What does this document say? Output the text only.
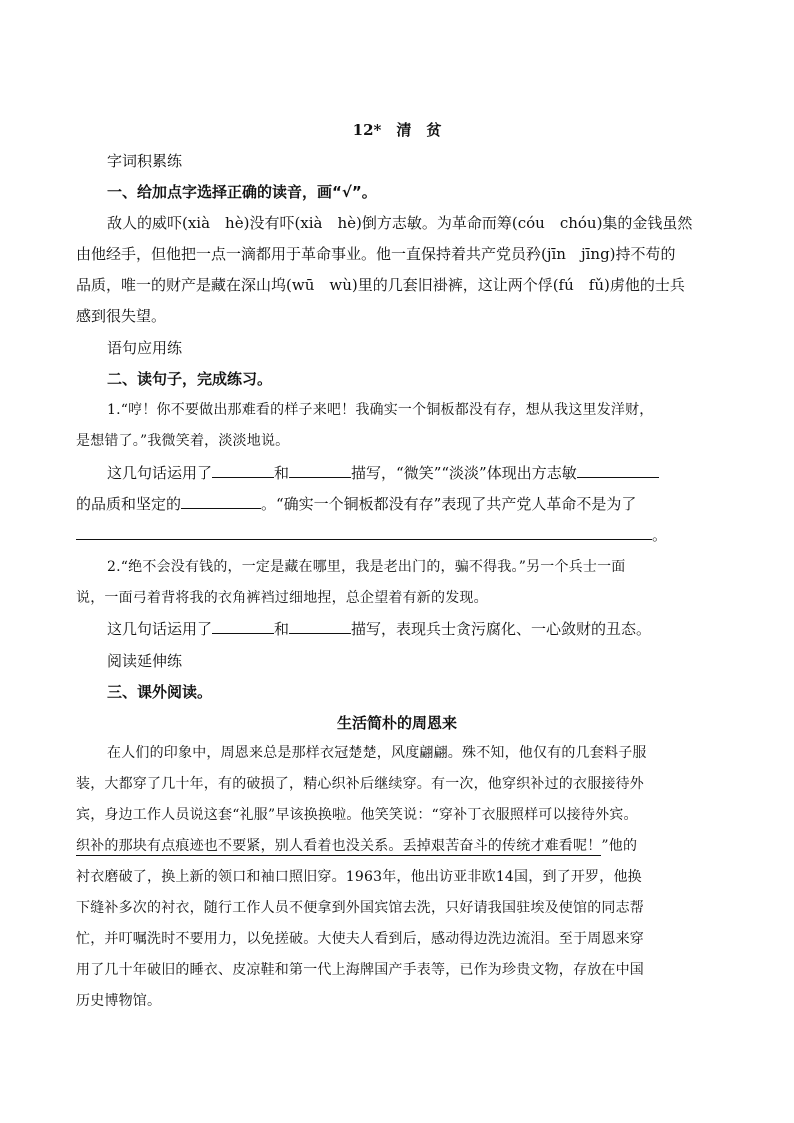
12*　清　贫
字词积累练
一、给加点字选择正确的读音，画“√”。
敌人的威吓(xià　hè)没有吓(xià　hè)倒方志敏。为革命而筹(cóu　chóu)集的金钱虽然
由他经手，但他把一点一滴都用于革命事业。他一直保持着共产党员矜(jīn　jīng)持不苟的
品质，唯一的财产是藏在深山坞(wū　wù)里的几套旧褂裤，这让两个俘(fú　fǔ)虏他的士兵
感到很失望。
语句应用练
二、读句子，完成练习。
1.“哼！你不要做出那难看的样子来吧！我确实一个铜板都没有存，想从我这里发洋财，
是想错了。”我微笑着，淡淡地说。
这几句话运用了	和	描写，“微笑”“淡淡”体现出方志敏
的品质和坚定的	。“确实一个铜板都没有存”表现了共产党人革命不是为了
。
2.“绝不会没有钱的，一定是藏在哪里，我是老出门的，骗不得我。”另一个兵士一面
说，一面弓着背将我的衣角裤裆过细地捏，总企望着有新的发现。
这几句话运用了	和	描写，表现兵士贪污腐化、一心敛财的丑态。
阅读延伸练
三、课外阅读。
生活简朴的周恩来
在人们的印象中，周恩来总是那样衣冠楚楚，风度翩翩。殊不知，他仅有的几套料子服
装，大都穿了几十年，有的破损了，精心织补后继续穿。有一次，他穿织补过的衣服接待外
宾，身边工作人员说这套“礼服”早该换换啦。他笑笑说：“穿补丁衣服照样可以接待外宾。
织补的那块有点痕迹也不要紧，别人看着也没关系。丢掉艰苦奋斗的传统才难看呢！”他的
衬衣磨破了，换上新的领口和袖口照旧穿。1963年，他出访亚非欧14国，到了开罗，他换
下缝补多次的衬衣，随行工作人员不便拿到外国宾馆去洗，只好请我国驻埃及使馆的同志帮
忙，并叮嘱洗时不要用力，以免搓破。大使夫人看到后，感动得边洗边流泪。至于周恩来穿
用了几十年破旧的睡衣、皮凉鞋和第一代上海牌国产手表等，已作为珍贵文物，存放在中国
历史博物馆。
